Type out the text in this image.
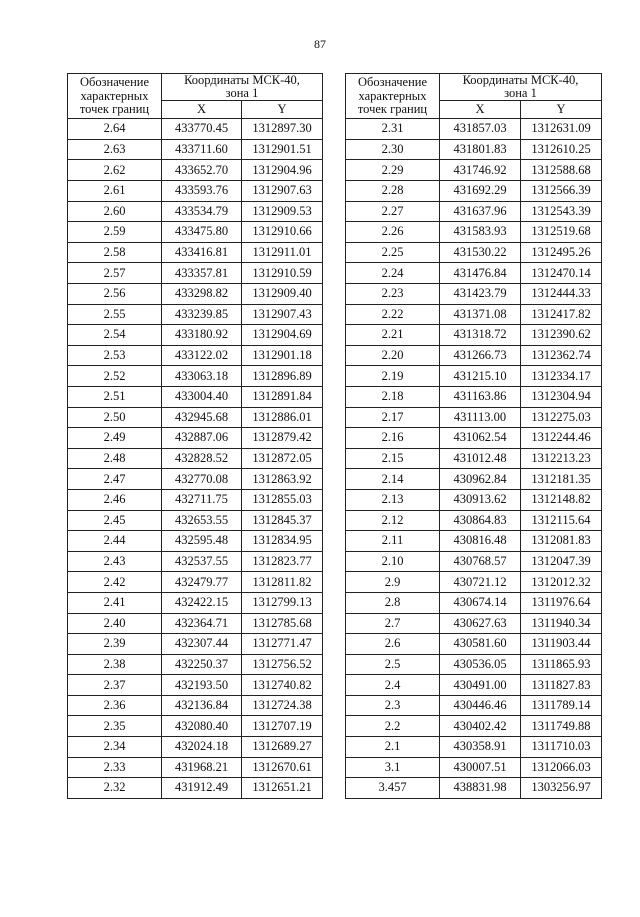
87
Обозначение
характерных
точек границ	Координаты МСК-40,
зона 1	

	X	Y
2.64	433770.45	1312897.30
2.63	433711.60	1312901.51
2.62	433652.70	1312904.96
2.61	433593.76	1312907.63
2.60	433534.79	1312909.53
2.59	433475.80	1312910.66
2.58	433416.81	1312911.01
2.57	433357.81	1312910.59
2.56	433298.82	1312909.40
2.55	433239.85	1312907.43
2.54	433180.92	1312904.69
2.53	433122.02	1312901.18
2.52	433063.18	1312896.89
2.51	433004.40	1312891.84
2.50	432945.68	1312886.01
2.49	432887.06	1312879.42
2.48	432828.52	1312872.05
2.47	432770.08	1312863.92
2.46	432711.75	1312855.03
2.45	432653.55	1312845.37
2.44	432595.48	1312834.95
2.43	432537.55	1312823.77
2.42	432479.77	1312811.82
2.41	432422.15	1312799.13
2.40	432364.71	1312785.68
2.39	432307.44	1312771.47
2.38	432250.37	1312756.52
2.37	432193.50	1312740.82
2.36	432136.84	1312724.38
2.35	432080.40	1312707.19
2.34	432024.18	1312689.27
2.33	431968.21	1312670.61
2.32	431912.49	1312651.21
Обозначение
характерных
точек границ	Координаты МСК-40,
зона 1	

	X	Y
2.31	431857.03	1312631.09
2.30	431801.83	1312610.25
2.29	431746.92	1312588.68
2.28	431692.29	1312566.39
2.27	431637.96	1312543.39
2.26	431583.93	1312519.68
2.25	431530.22	1312495.26
2.24	431476.84	1312470.14
2.23	431423.79	1312444.33
2.22	431371.08	1312417.82
2.21	431318.72	1312390.62
2.20	431266.73	1312362.74
2.19	431215.10	1312334.17
2.18	431163.86	1312304.94
2.17	431113.00	1312275.03
2.16	431062.54	1312244.46
2.15	431012.48	1312213.23
2.14	430962.84	1312181.35
2.13	430913.62	1312148.82
2.12	430864.83	1312115.64
2.11	430816.48	1312081.83
2.10	430768.57	1312047.39
2.9	430721.12	1312012.32
2.8	430674.14	1311976.64
2.7	430627.63	1311940.34
2.6	430581.60	1311903.44
2.5	430536.05	1311865.93
2.4	430491.00	1311827.83
2.3	430446.46	1311789.14
2.2	430402.42	1311749.88
2.1	430358.91	1311710.03
3.1	430007.51	1312066.03
3.457	438831.98	1303256.97
